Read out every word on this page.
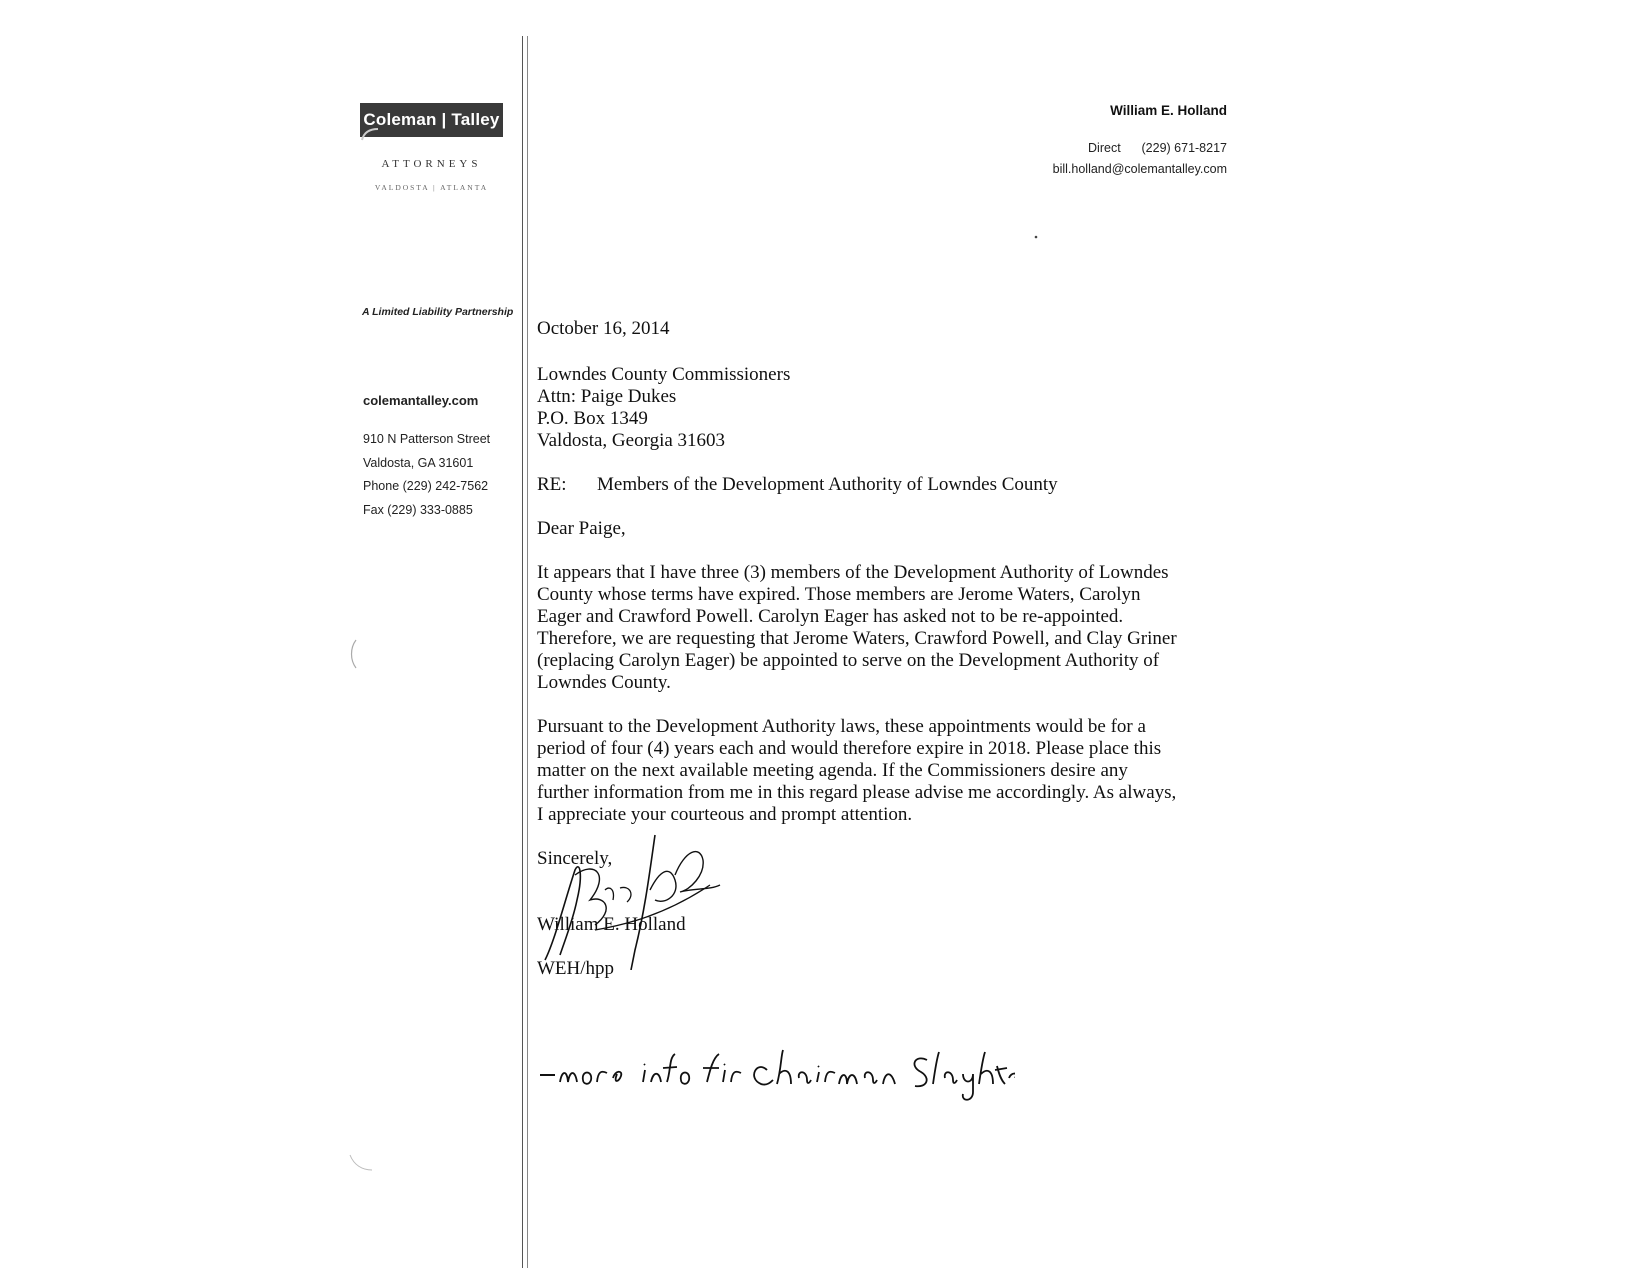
Coleman | Talley
ATTORNEYS
VALDOSTA | ATLANTA
A Limited Liability Partnership
colemantalley.com
910 N Patterson Street
Valdosta, GA 31601
Phone (229) 242-7562
Fax (229) 333-0885
William E. Holland
Direct      (229) 671-8217
bill.holland@colemantalley.com

October 16, 2014

Lowndes County Commissioners

Attn: Paige Dukes

P.O. Box 1349

Valdosta, Georgia 31603

RE:	Members of the Development Authority of Lowndes County

Dear Paige,

It appears that I have three (3) members of the Development Authority of Lowndes

County whose terms have expired. Those members are Jerome Waters, Carolyn

Eager and Crawford Powell. Carolyn Eager has asked not to be re-appointed.

Therefore, we are requesting that Jerome Waters, Crawford Powell, and Clay Griner

(replacing Carolyn Eager) be appointed to serve on the Development Authority of

Lowndes County.

Pursuant to the Development Authority laws, these appointments would be for a

period of four (4) years each and would therefore expire in 2018. Please place this

matter on the next available meeting agenda. If the Commissioners desire any

further information from me in this regard please advise me accordingly. As always,

I appreciate your courteous and prompt attention.

Sincerely,

William E. Holland

WEH/hpp
